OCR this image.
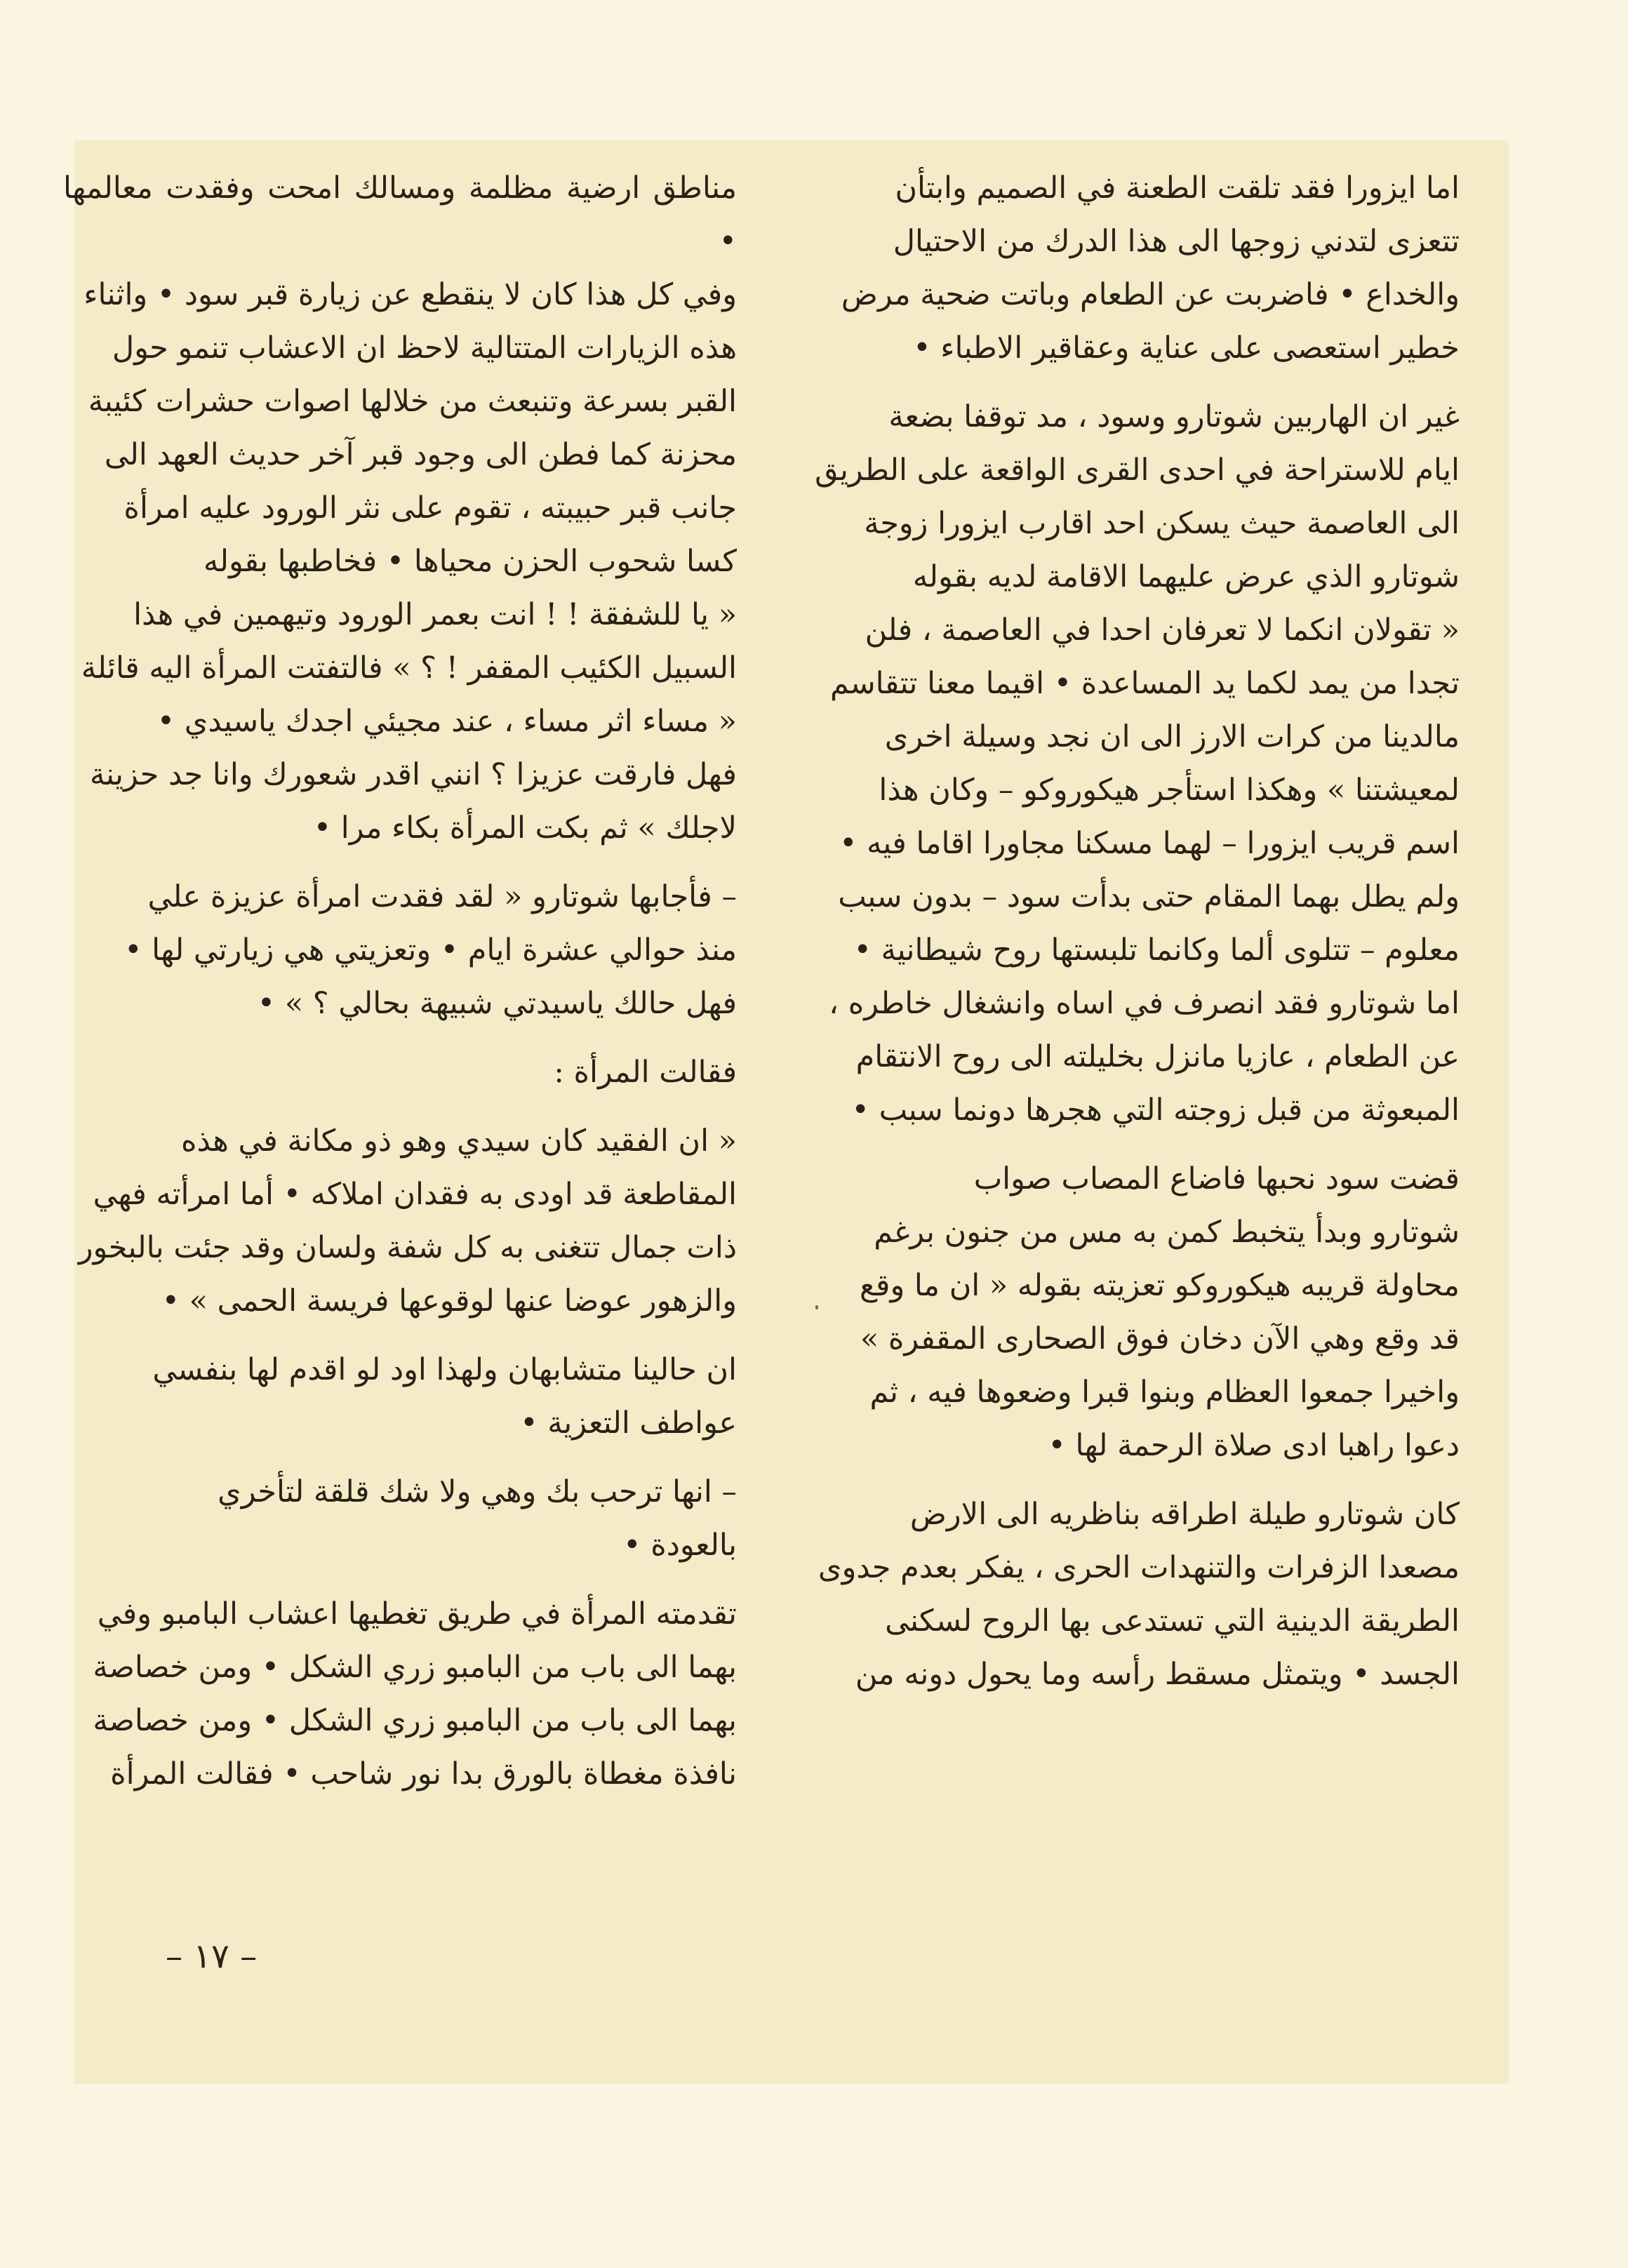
اما ايزورا فقد تلقت الطعنة في الصميم وابتأن
تتعزى لتدني زوجها الى هذا الدرك من الاحتيال
والخداع • فاضربت عن الطعام وباتت ضحية مرض
خطير استعصى على عناية وعقاقير الاطباء •

غير ان الهاربين شوتارو وسود ، مد توقفا بضعة
ايام للاستراحة في احدى القرى الواقعة على الطريق
الى العاصمة حيث يسكن احد اقارب ايزورا زوجة
شوتارو الذي عرض عليهما الاقامة لديه بقوله
« تقولان انكما لا تعرفان احدا في العاصمة ، فلن
تجدا من يمد لكما يد المساعدة • اقيما معنا تتقاسم
مالدينا من كرات الارز الى ان نجد وسيلة اخرى
لمعيشتنا » وهكذا استأجر هيكوروكو – وكان هذا
اسم قريب ايزورا – لهما مسكنا مجاورا اقاما فيه •
ولم يطل بهما المقام حتى بدأت سود – بدون سبب
معلوم – تتلوى ألما وكانما تلبستها روح شيطانية •
اما شوتارو فقد انصرف في اساه وانشغال خاطره ،
عن الطعام ، عازيا مانزل بخليلته الى روح الانتقام
المبعوثة من قبل زوجته التي هجرها دونما سبب •

قضت سود نحبها فاضاع المصاب صواب
شوتارو وبدأ يتخبط كمن به مس من جنون برغم
محاولة قريبه هيكوروكو تعزيته بقوله « ان ما وقع
قد وقع وهي الآن دخان فوق الصحارى المقفرة »
واخيرا جمعوا العظام وبنوا قبرا وضعوها فيه ، ثم
دعوا راهبا ادى صلاة الرحمة لها •

كان شوتارو طيلة اطراقه بناظريه الى الارض
مصعدا الزفرات والتنهدات الحرى ، يفكر بعدم جدوى
الطريقة الدينية التي تستدعى بها الروح لسكنى
الجسد • ويتمثل مسقط رأسه وما يحول دونه من

مناطق ارضية مظلمة ومسالك امحت وفقدت معالمها •
وفي كل هذا كان لا ينقطع عن زيارة قبر سود • واثناء
هذه الزيارات المتتالية لاحظ ان الاعشاب تنمو حول
القبر بسرعة وتنبعث من خلالها اصوات حشرات كئيبة
محزنة كما فطن الى وجود قبر آخر حديث العهد الى
جانب قبر حبيبته ، تقوم على نثر الورود عليه امرأة
كسا شحوب الحزن محياها • فخاطبها بقوله
« يا للشفقة ! ! انت بعمر الورود وتيهمين في هذا
السبيل الكئيب المقفر ! ؟ » فالتفتت المرأة اليه قائلة
« مساء اثر مساء ، عند مجيئي اجدك ياسيدي •
فهل فارقت عزيزا ؟ انني اقدر شعورك وانا جد حزينة
لاجلك » ثم بكت المرأة بكاء مرا •

– فأجابها شوتارو « لقد فقدت امرأة عزيزة علي
منذ حوالي عشرة ايام • وتعزيتي هي زيارتي لها •
فهل حالك ياسيدتي شبيهة بحالي ؟ » •

فقالت المرأة :

« ان الفقيد كان سيدي وهو ذو مكانة في هذه
المقاطعة قد اودى به فقدان املاكه • أما امرأته فهي
ذات جمال تتغنى به كل شفة ولسان وقد جئت بالبخور
والزهور عوضا عنها لوقوعها فريسة الحمى » •

ان حالينا متشابهان ولهذا اود لو اقدم لها بنفسي
عواطف التعزية •

– انها ترحب بك وهي ولا شك قلقة لتأخري
بالعودة •

تقدمته المرأة في طريق تغطيها اعشاب البامبو وفي
بهما الى باب من البامبو زري الشكل • ومن خصاصة
بهما الى باب من البامبو زري الشكل • ومن خصاصة
نافذة مغطاة بالورق بدا نور شاحب • فقالت المرأة

– ١٧ –
